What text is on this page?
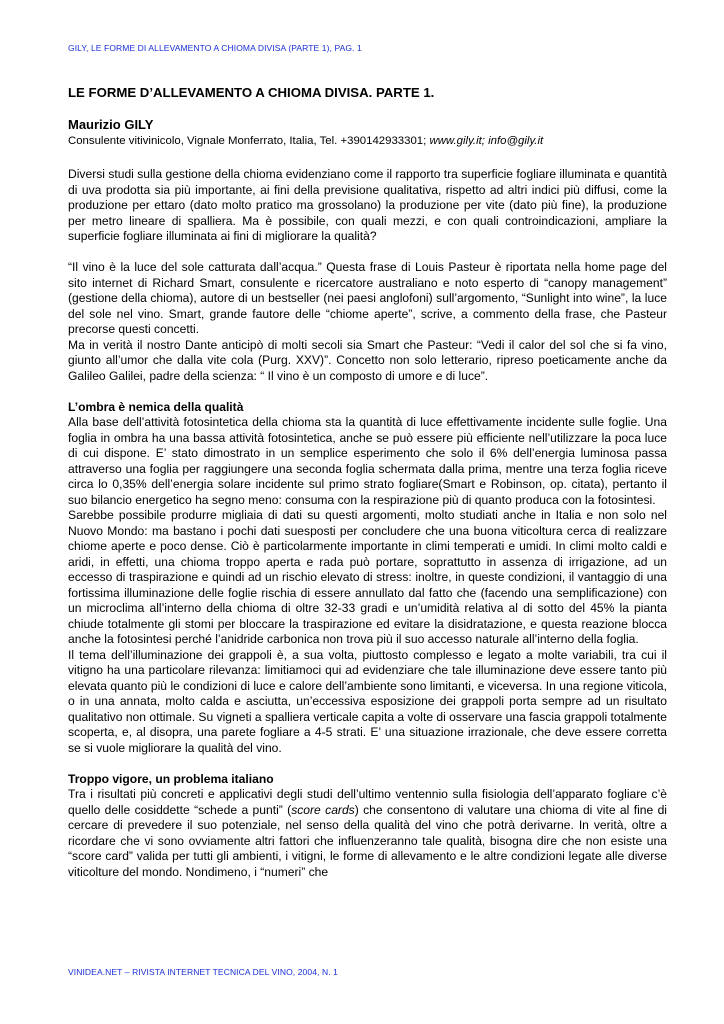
GILY, LE FORME DI ALLEVAMENTO A CHIOMA DIVISA (PARTE 1), PAG. 1
LE FORME D’ALLEVAMENTO A CHIOMA DIVISA. PARTE 1.
Maurizio GILY
Consulente vitivinicolo, Vignale Monferrato, Italia, Tel. +390142933301; www.gily.it; info@gily.it

Diversi studi sulla gestione della chioma evidenziano come il rapporto tra superficie fogliare illuminata e quantità di uva prodotta sia più importante, ai fini della previsione qualitativa, rispetto ad altri indici più diffusi, come la produzione per ettaro (dato molto pratico ma grossolano) la produzione per vite (dato più fine), la produzione per metro lineare di spalliera. Ma è possibile, con quali mezzi, e con quali controindicazioni, ampliare la superficie fogliare illuminata ai fini di migliorare la qualità?

“Il vino è la luce del sole catturata dall’acqua.” Questa frase di Louis Pasteur è riportata nella home page del sito internet di Richard Smart, consulente e ricercatore australiano e noto esperto di “canopy management” (gestione della chioma), autore di un bestseller (nei paesi anglofoni) sull’argomento, “Sunlight into wine”, la luce del sole nel vino. Smart, grande fautore delle “chiome aperte”, scrive, a commento della frase, che Pasteur precorse questi concetti.

Ma in verità il nostro Dante anticipò di molti secoli sia Smart che Pasteur: “Vedi il calor del sol che si fa vino, giunto all’umor che dalla vite cola (Purg. XXV)”. Concetto non solo letterario, ripreso poeticamente anche da Galileo Galilei, padre della scienza: “ Il vino è un composto di umore e di luce”.

L’ombra è nemica della qualità

Alla base dell’attività fotosintetica della chioma sta la quantità di luce effettivamente incidente sulle foglie. Una foglia in ombra ha una bassa attività fotosintetica, anche se può essere più efficiente nell’utilizzare la poca luce di cui dispone. E’ stato dimostrato in un semplice esperimento che solo il 6% dell’energia luminosa passa attraverso una foglia per raggiungere una seconda foglia schermata dalla prima, mentre una terza foglia riceve circa lo 0,35% dell’energia solare incidente sul primo strato fogliare(Smart e Robinson, op. citata), pertanto il suo bilancio energetico ha segno meno: consuma con la respirazione più di quanto produca con la fotosintesi.

Sarebbe possibile produrre migliaia di dati su questi argomenti, molto studiati anche in Italia e non solo nel Nuovo Mondo: ma bastano i pochi dati suesposti per concludere che una buona viticoltura cerca di realizzare chiome aperte e poco dense. Ciò è particolarmente importante in climi temperati e umidi. In climi molto caldi e aridi, in effetti, una chioma troppo aperta e rada può portare, soprattutto in assenza di irrigazione, ad un eccesso di traspirazione e quindi ad un rischio elevato di stress: inoltre, in queste condizioni, il vantaggio di una fortissima illuminazione delle foglie rischia di essere annullato dal fatto che (facendo una semplificazione) con un microclima all’interno della chioma di oltre 32-33 gradi e un’umidità relativa al di sotto del 45% la pianta chiude totalmente gli stomi per bloccare la traspirazione ed evitare la disidratazione, e questa reazione blocca anche la fotosintesi perché l’anidride carbonica non trova più il suo accesso naturale all’interno della foglia.

Il tema dell’illuminazione dei grappoli è, a sua volta, piuttosto complesso e legato a molte variabili, tra cui il vitigno ha una particolare rilevanza: limitiamoci qui ad evidenziare che tale illuminazione deve essere tanto più elevata quanto più le condizioni di luce e calore dell’ambiente sono limitanti, e viceversa. In una regione viticola, o in una annata, molto calda e asciutta, un’eccessiva esposizione dei grappoli porta sempre ad un risultato qualitativo non ottimale. Su vigneti a spalliera verticale capita a volte di osservare una fascia grappoli totalmente scoperta, e, al disopra, una parete fogliare a 4-5 strati. E’ una situazione irrazionale, che deve essere corretta se si vuole migliorare la qualità del vino.

Troppo vigore, un problema italiano

Tra i risultati più concreti e applicativi degli studi dell’ultimo ventennio sulla fisiologia dell’apparato fogliare c’è quello delle cosiddette “schede a punti” (score cards) che consentono di valutare una chioma di vite al fine di cercare di prevedere il suo potenziale, nel senso della qualità del vino che potrà derivarne. In verità, oltre a ricordare che vi sono ovviamente altri fattori che influenzeranno tale qualità, bisogna dire che non esiste una “score card” valida per tutti gli ambienti, i vitigni, le forme di allevamento e le altre condizioni legate alle diverse viticolture del mondo. Nondimeno, i “numeri” che

VINIDEA.NET – RIVISTA INTERNET TECNICA DEL VINO, 2004, N. 1
